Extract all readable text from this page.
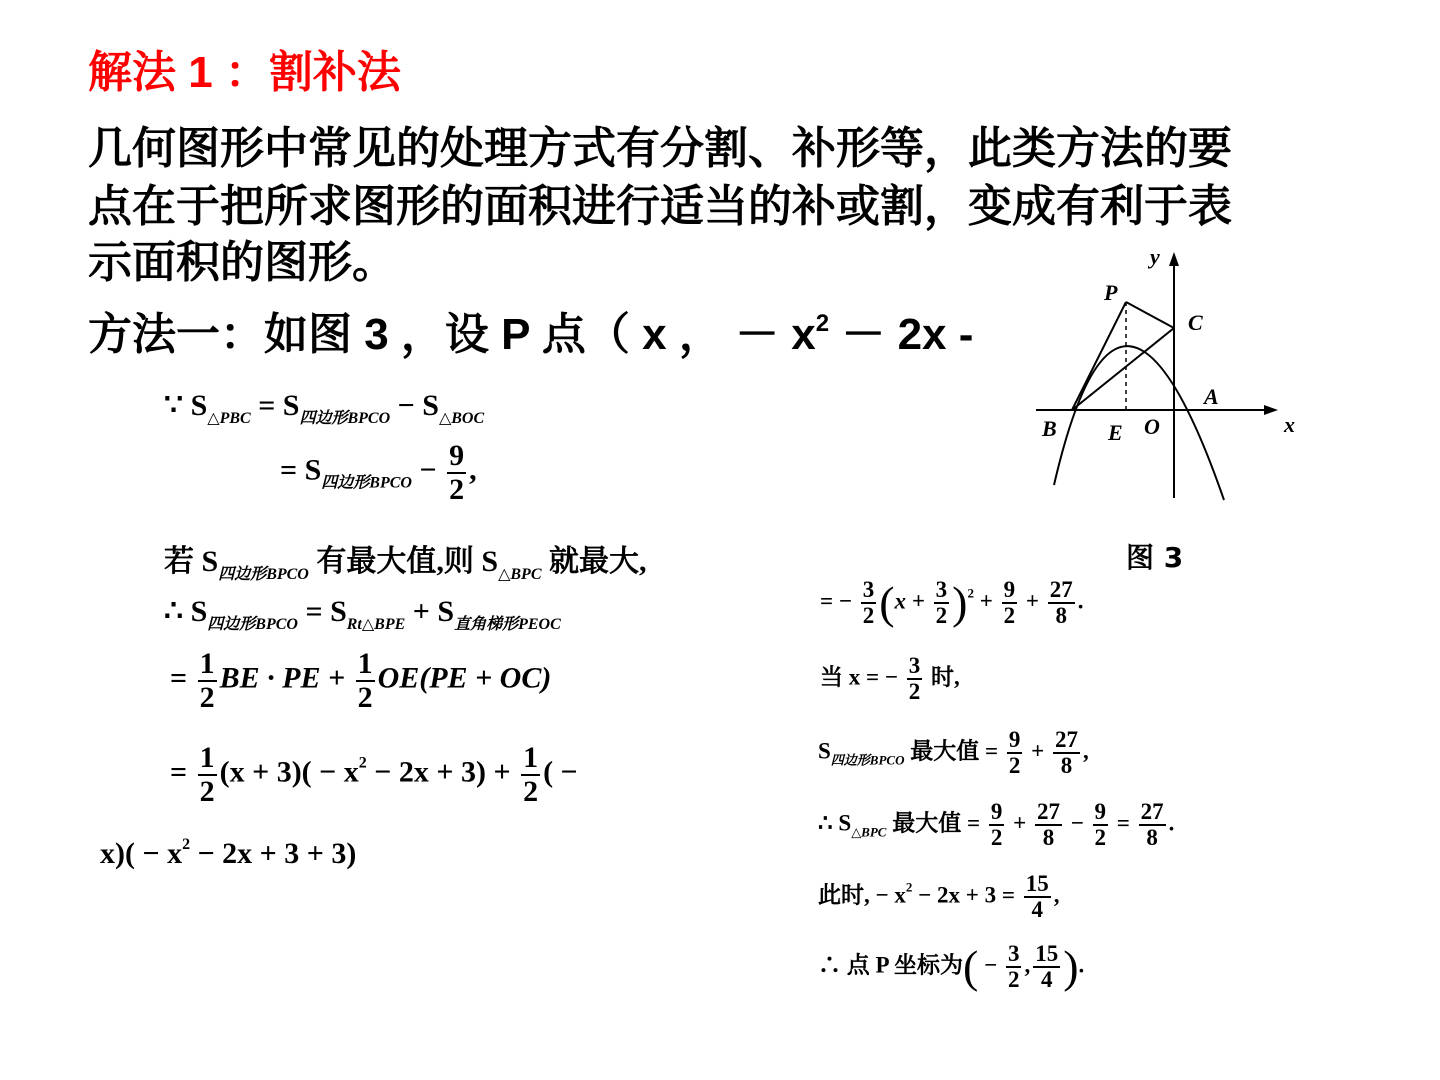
解法 1 ：割补法
几何图形中常见的处理方式有分割、补形等，此类方法的要
点在于把所求图形的面积进行适当的补或割，变成有利于表
示面积的图形。
方法一：如图 3 ，设 P 点（ x ， － $x^2 - 2x$ -
y
x
P
C
A
B E O
图 3
∵ $S_{\triangle PBC} = S_{四边形BPCO} - S_{\triangle BOC}$
= $S_{四边形BPCO} - \frac{9}{2}$ ,
若 $S_{四边形BPCO}$ 有最大值,则 $S_{\triangle BPC}$ 就最大,
∴ $S_{四边形BPCO} = S_{Rt\triangle BPE} + S_{直角梯形PEOC}$
= $\frac{1}{2}$ BE · PE + $\frac{1}{2} OE(PE + OC)$
= $\frac{1}{2} (x + 3)( - x^2 - 2x + 3) + \frac{1}{2}$ ( −
$x)( - x^2 - 2x + 3 + 3)$
= − $\frac{3}{2} (x + \frac{3}{2} )^2 + \frac{9}{2} + \frac{27}{8}$ .
当 x = − $\frac{3}{2}$ 时,
$S_{四边形BPCO}$ 最大值 = $\frac{9}{2} + \frac{27}{8}$ ,
∴ $S_{\triangle BPC}$ 最大值 = $\frac{9}{2} + \frac{27}{8} - \frac{9}{2} = \frac{27}{8}$ .
此时, − $x^2 - 2x + 3 = \frac{15}{4}$ ,
∴ 点 P 坐标为( − $\frac{3}{2}$ , $\frac{15}{4}$ ).
